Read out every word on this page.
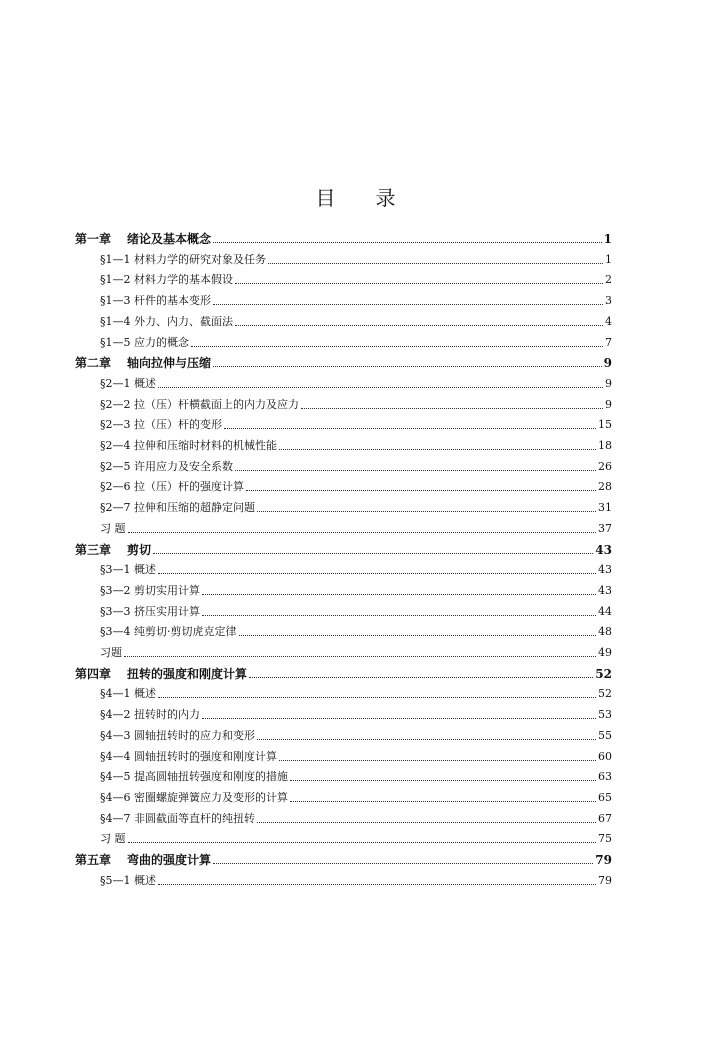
目 录
第一章	绪论及基本概念	1
§1—1 材料力学的研究对象及任务	1
§1—2 材料力学的基本假设	2
§1—3 杆件的基本变形	3
§1—4 外力、内力、截面法	4
§1—5 应力的概念	7
第二章	轴向拉伸与压缩	9
§2—1 概述	9
§2—2 拉（压）杆横截面上的内力及应力	9
§2—3 拉（压）杆的变形	15
§2—4 拉伸和压缩时材料的机械性能	18
§2—5 许用应力及安全系数	26
§2—6 拉（压）杆的强度计算	28
§2—7 拉伸和压缩的超静定问题	31
习 题	37
第三章	剪切	43
§3—1 概述	43
§3—2 剪切实用计算	43
§3—3 挤压实用计算	44
§3—4 纯剪切·剪切虎克定律	48
习题	49
第四章	扭转的强度和刚度计算	52
§4—1 概述	52
§4—2 扭转时的内力	53
§4—3 圆轴扭转时的应力和变形	55
§4—4 圆轴扭转时的强度和刚度计算	60
§4—5 提高圆轴扭转强度和刚度的措施	63
§4—6 密圈螺旋弹簧应力及变形的计算	65
§4—7 非圆截面等直杆的纯扭转	67
习 题	75
第五章	弯曲的强度计算	79
§5—1 概述	79
